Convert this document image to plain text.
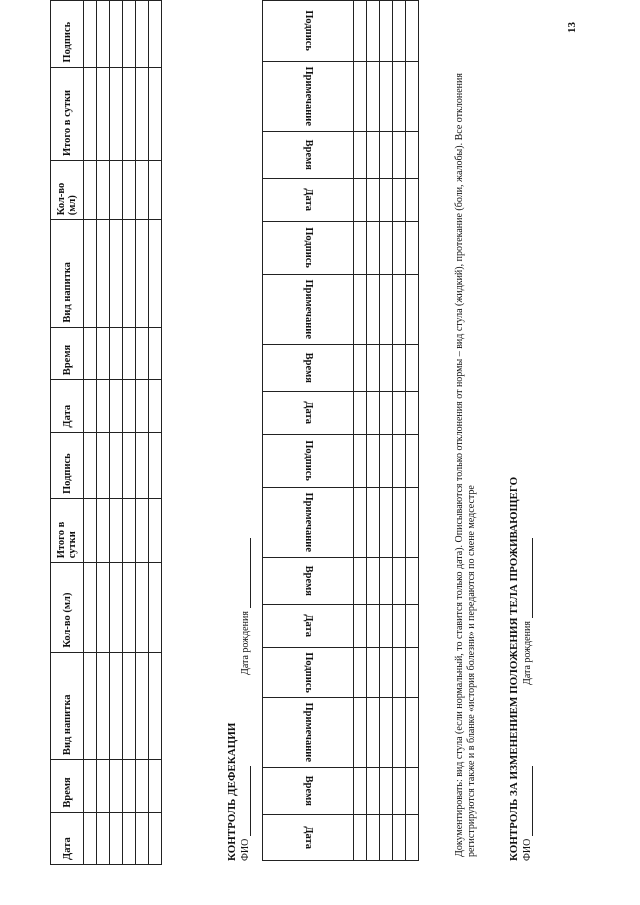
Дата	Время	Вид напитка	Кол-во (мл)	Итого в сутки	Подпись	Дата	Время	Вид напитка	Кол-во (мл)	Итого в сутки	Подпись

КОНТРОЛЬ ДЕФЕКАЦИИ ФИО
Дата рождения
Дата	Время	Примечание	Подпись	Дата	Время	Примечание	Подпись	Дата	Время	Примечание	Подпись	Дата	Время	Примечание	Подпись

Документировать: вид стула (если нормальный, то ставится только дата). Описываются только отклонения от нормы – вид стула (жидкий), протекание (боли, жалобы). Все отклонения регистрируются также и в бланке «история болезни» и передаются по смене медсестре	КОНТРОЛЬ ЗА ИЗМЕНЕНИЕМ ПОЛОЖЕНИЯ ТЕЛА ПРОЖИВАЮЩЕГО ФИО
Дата рождения
13
